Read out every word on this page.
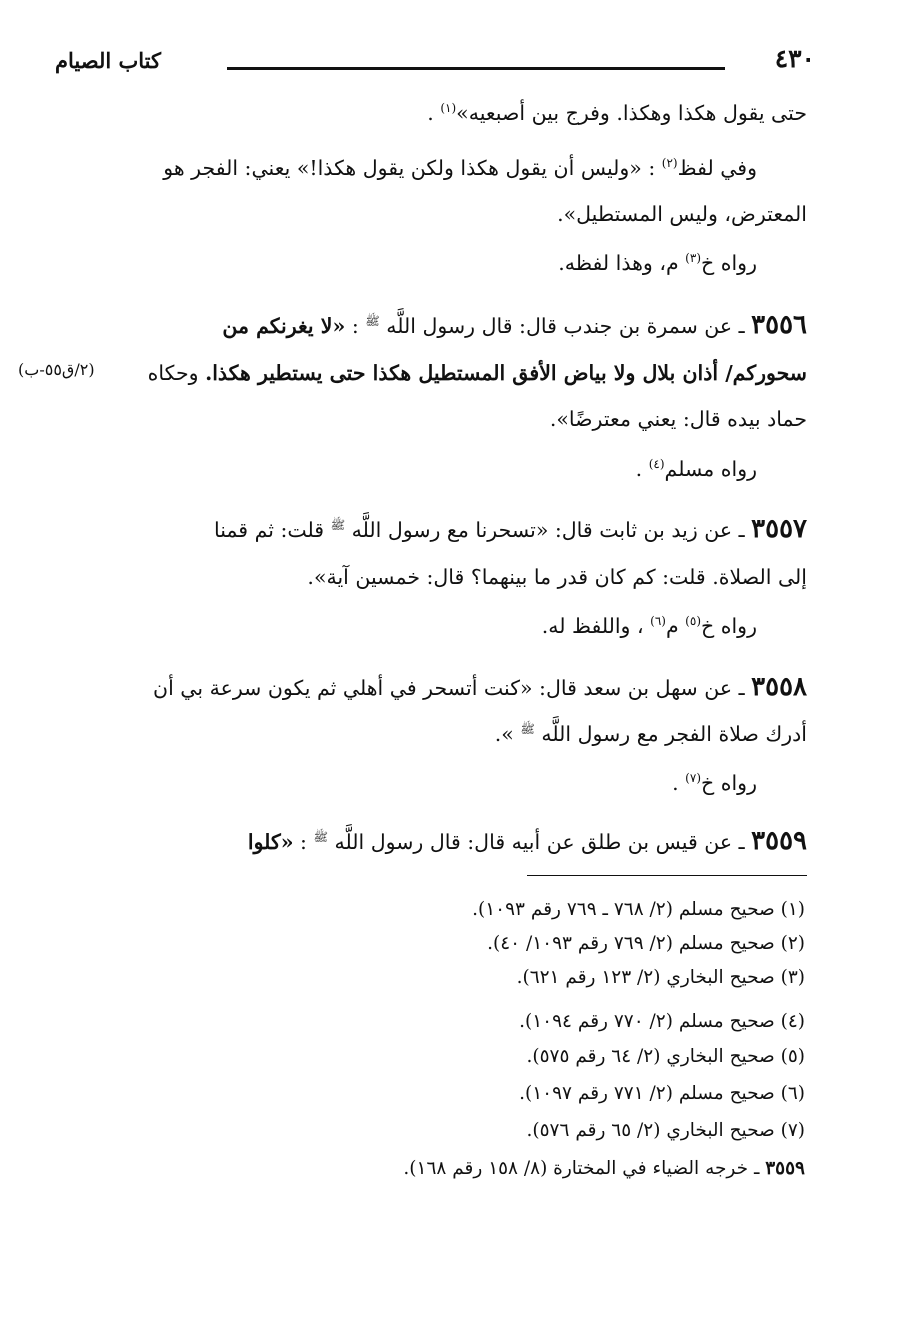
٤٣٠
كتاب الصيام
حتى يقول هكذا وهكذا. وفرج بين أصبعيه»$^{(١)}$ .
وفي لفظ$^{(٢)}$ : «وليس أن يقول هكذا ولكن يقول هكذا!» يعني: الفجر هو
المعترض، وليس المستطيل».
رواه خ$^{(٣)}$ م، وهذا لفظه.
٣٥٥٦ ـ عن سمرة بن جندب قال: قال رسول اللَّه $^ﷺ$ : «لا يغرنكم من
سحوركم/ أذان بلال ولا بياض الأفق المستطيل هكذا حتى يستطير هكذا. وحكاه
(٢/ق٥٥-ب)
حماد بيده قال: يعني معترضًا».
رواه مسلم$^{(٤)}$ .
٣٥٥٧ ـ عن زيد بن ثابت قال: «تسحرنا مع رسول اللَّه $^ﷺ$ قلت: ثم قمنا
إلى الصلاة. قلت: كم كان قدر ما بينهما؟ قال: خمسين آية».
رواه خ$^{(٥)}$ م$^{(٦)}$ ، واللفظ له.
٣٥٥٨ ـ عن سهل بن سعد قال: «كنت أتسحر في أهلي ثم يكون سرعة بي أن
أدرك صلاة الفجر مع رسول اللَّه $^ﷺ$ ».
رواه خ$^{(٧)}$ .
٣٥٥٩ ـ عن قيس بن طلق عن أبيه قال: قال رسول اللَّه $^ﷺ$ : «كلوا
(١) صحيح مسلم (٢/ ٧٦٨ ـ ٧٦٩ رقم ١٠٩٣).
(٢) صحيح مسلم (٢/ ٧٦٩ رقم ١٠٩٣/ ٤٠).
(٣) صحيح البخاري (٢/ ١٢٣ رقم ٦٢١).
(٤) صحيح مسلم (٢/ ٧٧٠ رقم ١٠٩٤).
(٥) صحيح البخاري (٢/ ٦٤ رقم ٥٧٥).
(٦) صحيح مسلم (٢/ ٧٧١ رقم ١٠٩٧).
(٧) صحيح البخاري (٢/ ٦٥ رقم ٥٧٦).
٣٥٥٩ ـ خرجه الضياء في المختارة (٨/ ١٥٨ رقم ١٦٨).
